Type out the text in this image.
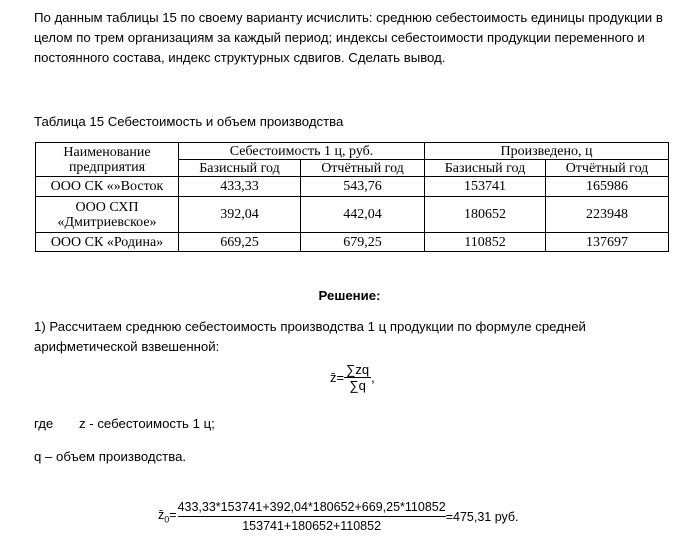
По данным таблицы 15 по своему варианту исчислить: среднюю себестоимость единицы продукции в
целом по трем организациям за каждый период; индексы себестоимости продукции переменного и
постоянного состава, индекс структурных сдвигов. Сделать вывод.
Таблица 15 Себестоимость и объем производства
Наименование
предприятия	Себестоимость 1 ц, руб.		Произведено, ц	
	Базисный год	Отчётный год	Базисный год	Отчётный год
ООО СК «»Восток	433,33	543,76	153741	165986

ООО СХП
«Дмитриевское»	392,04	442,04	180652	223948
ООО СК «Родина»	669,25	679,25	110852	137697
Решение:
1) Рассчитаем среднюю себестоимость производства 1 ц продукции по формуле средней
арифметической взвешенной:
z̄= $\frac{\sum zq}{\sum q}$ ,
где z - себестоимость 1 ц;
q – объем производства.
$z̄_0= \frac{433,33*153741+392,04*180652+669,25*110852}{153741+180652+110852} =475,31$ руб.
